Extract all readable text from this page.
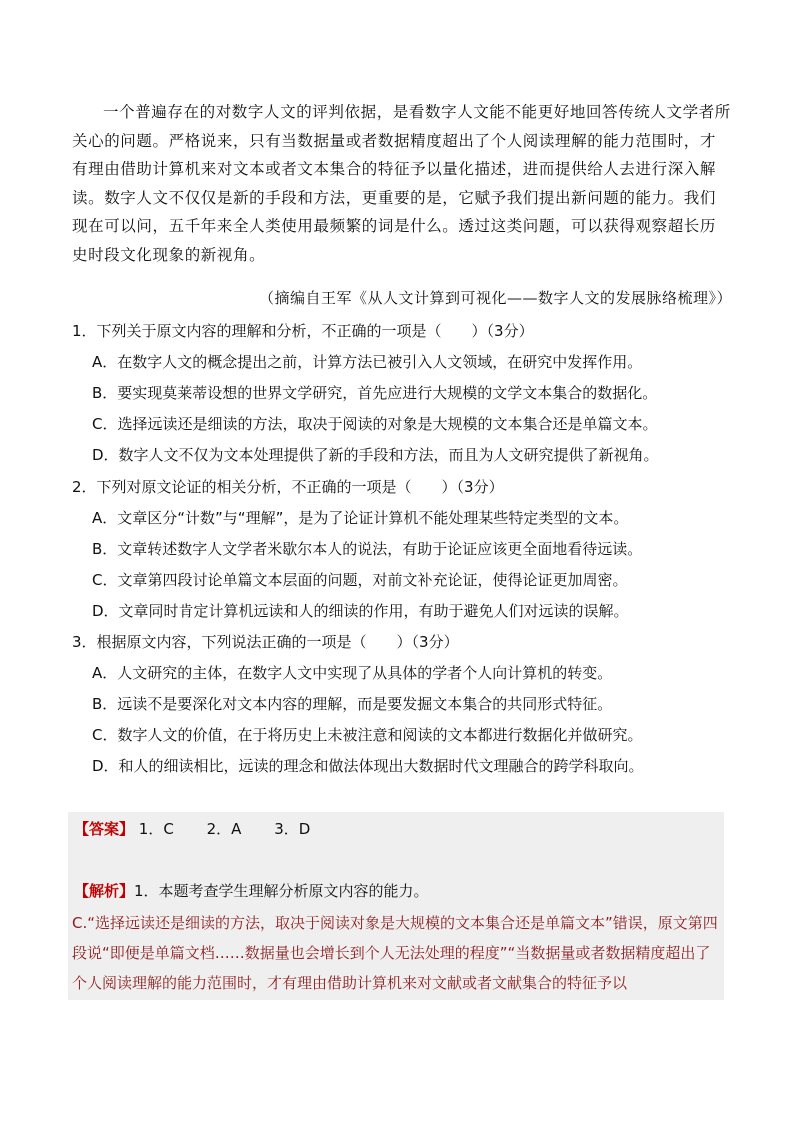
一个普遍存在的对数字人文的评判依据，是看数字人文能不能更好地回答传统人文学者所关心的问题。严格说来，只有当数据量或者数据精度超出了个人阅读理解的能力范围时，才有理由借助计算机来对文本或者文本集合的特征予以量化描述，进而提供给人去进行深入解读。数字人文不仅仅是新的手段和方法，更重要的是，它赋予我们提出新问题的能力。我们现在可以问，五千年来全人类使用最频繁的词是什么。透过这类问题，可以获得观察超长历史时段文化现象的新视角。

（摘编自王军《从人文计算到可视化——数字人文的发展脉络梳理》）
1．下列关于原文内容的理解和分析，不正确的一项是（　　）（3分）
A．在数字人文的概念提出之前，计算方法已被引入人文领域，在研究中发挥作用。
B．要实现莫莱蒂设想的世界文学研究，首先应进行大规模的文学文本集合的数据化。
C．选择远读还是细读的方法，取决于阅读的对象是大规模的文本集合还是单篇文本。
D．数字人文不仅为文本处理提供了新的手段和方法，而且为人文研究提供了新视角。
2．下列对原文论证的相关分析，不正确的一项是（　　）（3分）
A．文章区分“计数”与“理解”，是为了论证计算机不能处理某些特定类型的文本。
B．文章转述数字人文学者米歇尔本人的说法，有助于论证应该更全面地看待远读。
C．文章第四段讨论单篇文本层面的问题，对前文补充论证，使得论证更加周密。
D．文章同时肯定计算机远读和人的细读的作用，有助于避免人们对远读的误解。
3．根据原文内容，下列说法正确的一项是（　　）（3分）
A．人文研究的主体，在数字人文中实现了从具体的学者个人向计算机的转变。
B．远读不是要深化对文本内容的理解，而是要发掘文本集合的共同形式特征。
C．数字人文的价值，在于将历史上未被注意和阅读的文本都进行数据化并做研究。
D．和人的细读相比，远读的理念和做法体现出大数据时代文理融合的跨学科取向。
【答案】 1．C 2．A 3．D
【解析】1．本题考查学生理解分析原文内容的能力。
C.“选择远读还是细读的方法，取决于阅读对象是大规模的文本集合还是单篇文本”错误，原文第四段说“即便是单篇文档……数据量也会增长到个人无法处理的程度”“当数据量或者数据精度超出了个人阅读理解的能力范围时，才有理由借助计算机来对文献或者文献集合的特征予以
